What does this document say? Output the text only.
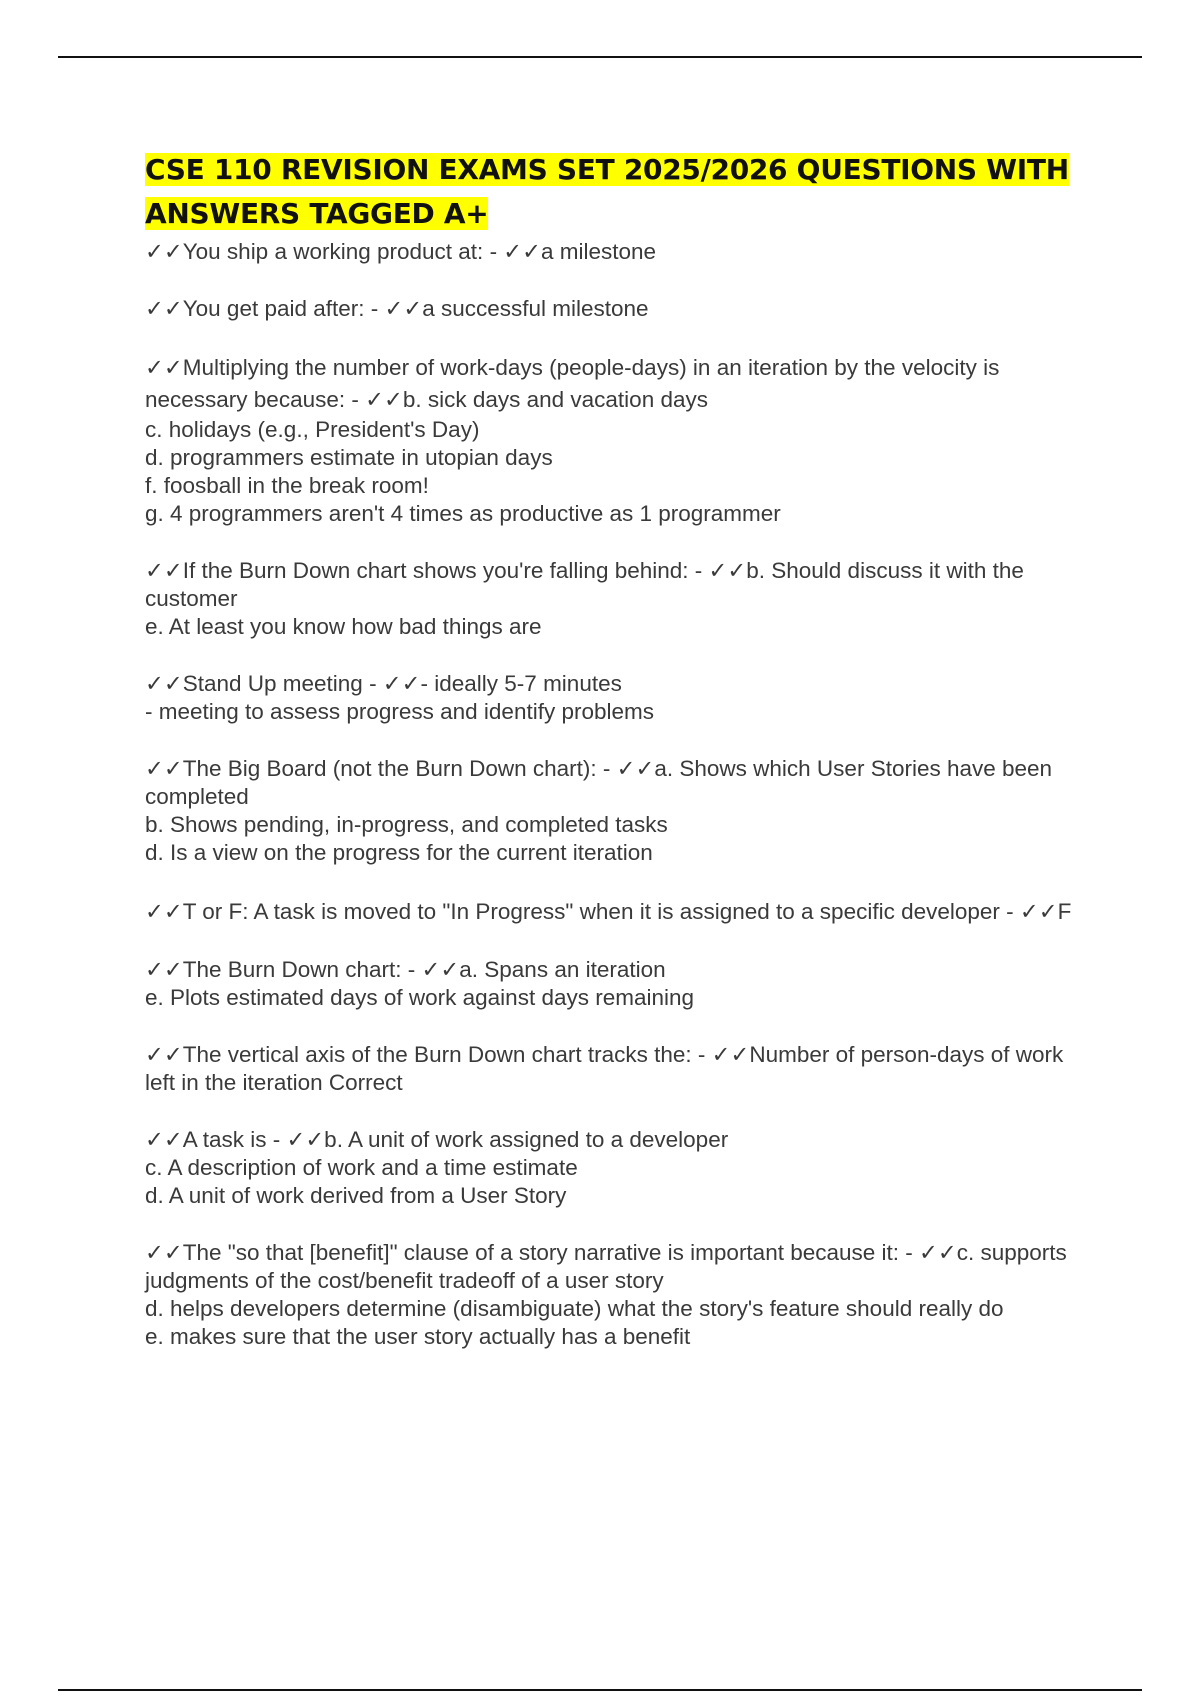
CSE 110 REVISION EXAMS SET 2025/2026 QUESTIONS WITH ANSWERS TAGGED A+

✓✓You ship a working product at: - ✓✓a milestone

✓✓You get paid after: - ✓✓a successful milestone

✓✓Multiplying the number of work-days (people-days) in an iteration by the velocity is necessary because: - ✓✓b. sick days and vacation days

c. holidays (e.g., President's Day)

d. programmers estimate in utopian days

f. foosball in the break room!

g. 4 programmers aren't 4 times as productive as 1 programmer

✓✓If the Burn Down chart shows you're falling behind: - ✓✓b. Should discuss it with the customer

e. At least you know how bad things are

✓✓Stand Up meeting - ✓✓- ideally 5-7 minutes

- meeting to assess progress and identify problems

✓✓The Big Board (not the Burn Down chart): - ✓✓a. Shows which User Stories have been completed

b. Shows pending, in-progress, and completed tasks

d. Is a view on the progress for the current iteration

✓✓T or F: A task is moved to "In Progress" when it is assigned to a specific developer - ✓✓F

✓✓The Burn Down chart: - ✓✓a. Spans an iteration

e. Plots estimated days of work against days remaining

✓✓The vertical axis of the Burn Down chart tracks the: - ✓✓Number of person-days of work left in the iteration Correct

✓✓A task is - ✓✓b. A unit of work assigned to a developer

c. A description of work and a time estimate

d. A unit of work derived from a User Story

✓✓The "so that [benefit]" clause of a story narrative is important because it: - ✓✓c. supports judgments of the cost/benefit tradeoff of a user story

d. helps developers determine (disambiguate) what the story's feature should really do

e. makes sure that the user story actually has a benefit
